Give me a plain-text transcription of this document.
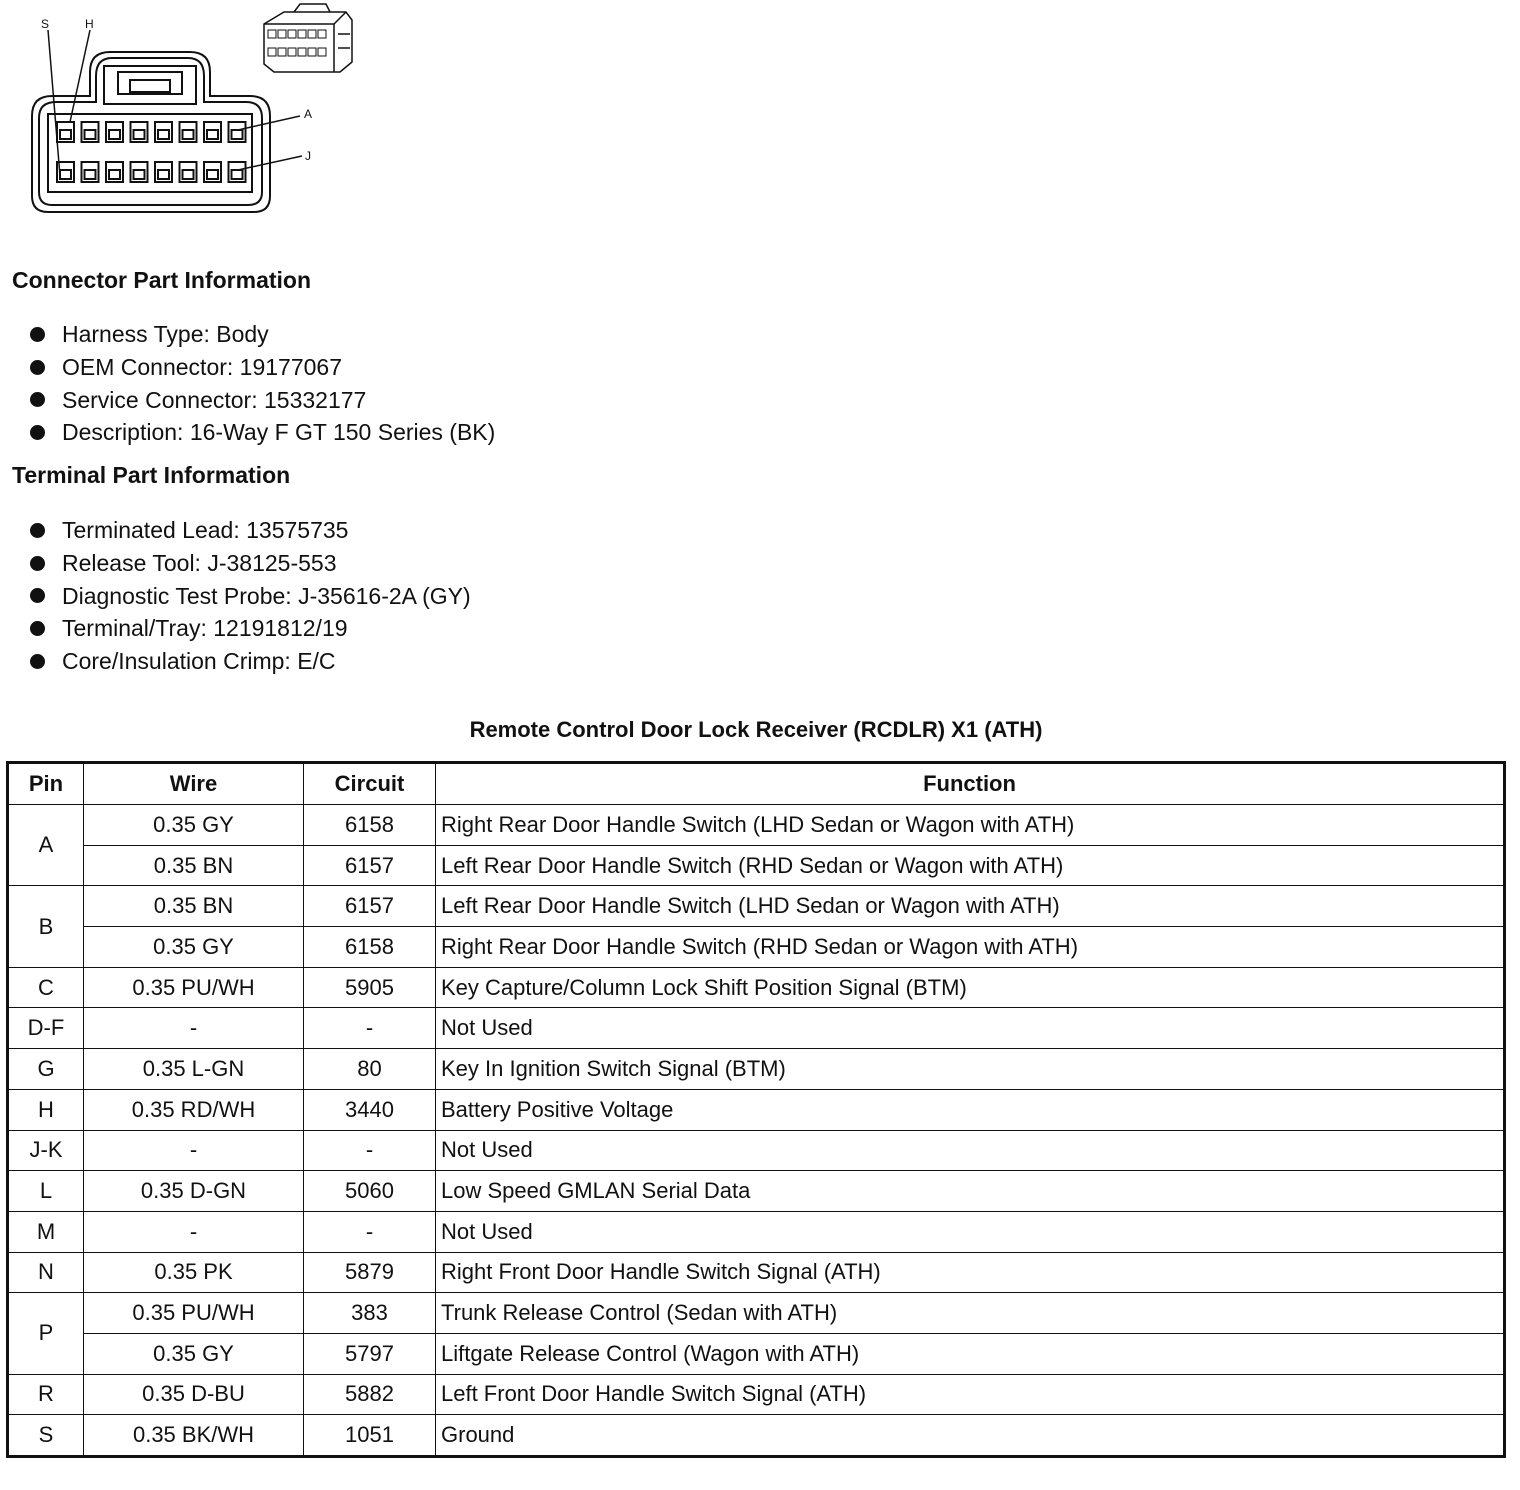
S	H
A
J
Connector Part Information
Harness Type: Body
OEM Connector: 19177067
Service Connector: 15332177
Description: 16-Way F GT 150 Series (BK)
Terminal Part Information
Terminated Lead: 13575735
Release Tool: J-38125-553
Diagnostic Test Probe: J-35616-2A (GY)
Terminal/Tray: 12191812/19
Core/Insulation Crimp: E/C
Remote Control Door Lock Receiver (RCDLR) X1 (ATH)
Pin	Wire	Circuit	Function
A	0.35 GY	6158	Right Rear Door Handle Switch (LHD Sedan or Wagon with ATH)
	0.35 BN	6157	Left Rear Door Handle Switch (RHD Sedan or Wagon with ATH)
B	0.35 BN	6157	Left Rear Door Handle Switch (LHD Sedan or Wagon with ATH)
	0.35 GY	6158	Right Rear Door Handle Switch (RHD Sedan or Wagon with ATH)
C	0.35 PU/WH	5905	Key Capture/Column Lock Shift Position Signal (BTM)
D-F	-	-	Not Used
G	0.35 L-GN	80	Key In Ignition Switch Signal (BTM)
H	0.35 RD/WH	3440	Battery Positive Voltage
J-K	-	-	Not Used
L	0.35 D-GN	5060	Low Speed GMLAN Serial Data
M	-	-	Not Used
N	0.35 PK	5879	Right Front Door Handle Switch Signal (ATH)
P	0.35 PU/WH	383	Trunk Release Control (Sedan with ATH)
	0.35 GY	5797	Liftgate Release Control (Wagon with ATH)
R	0.35 D-BU	5882	Left Front Door Handle Switch Signal (ATH)
S	0.35 BK/WH	1051	Ground
